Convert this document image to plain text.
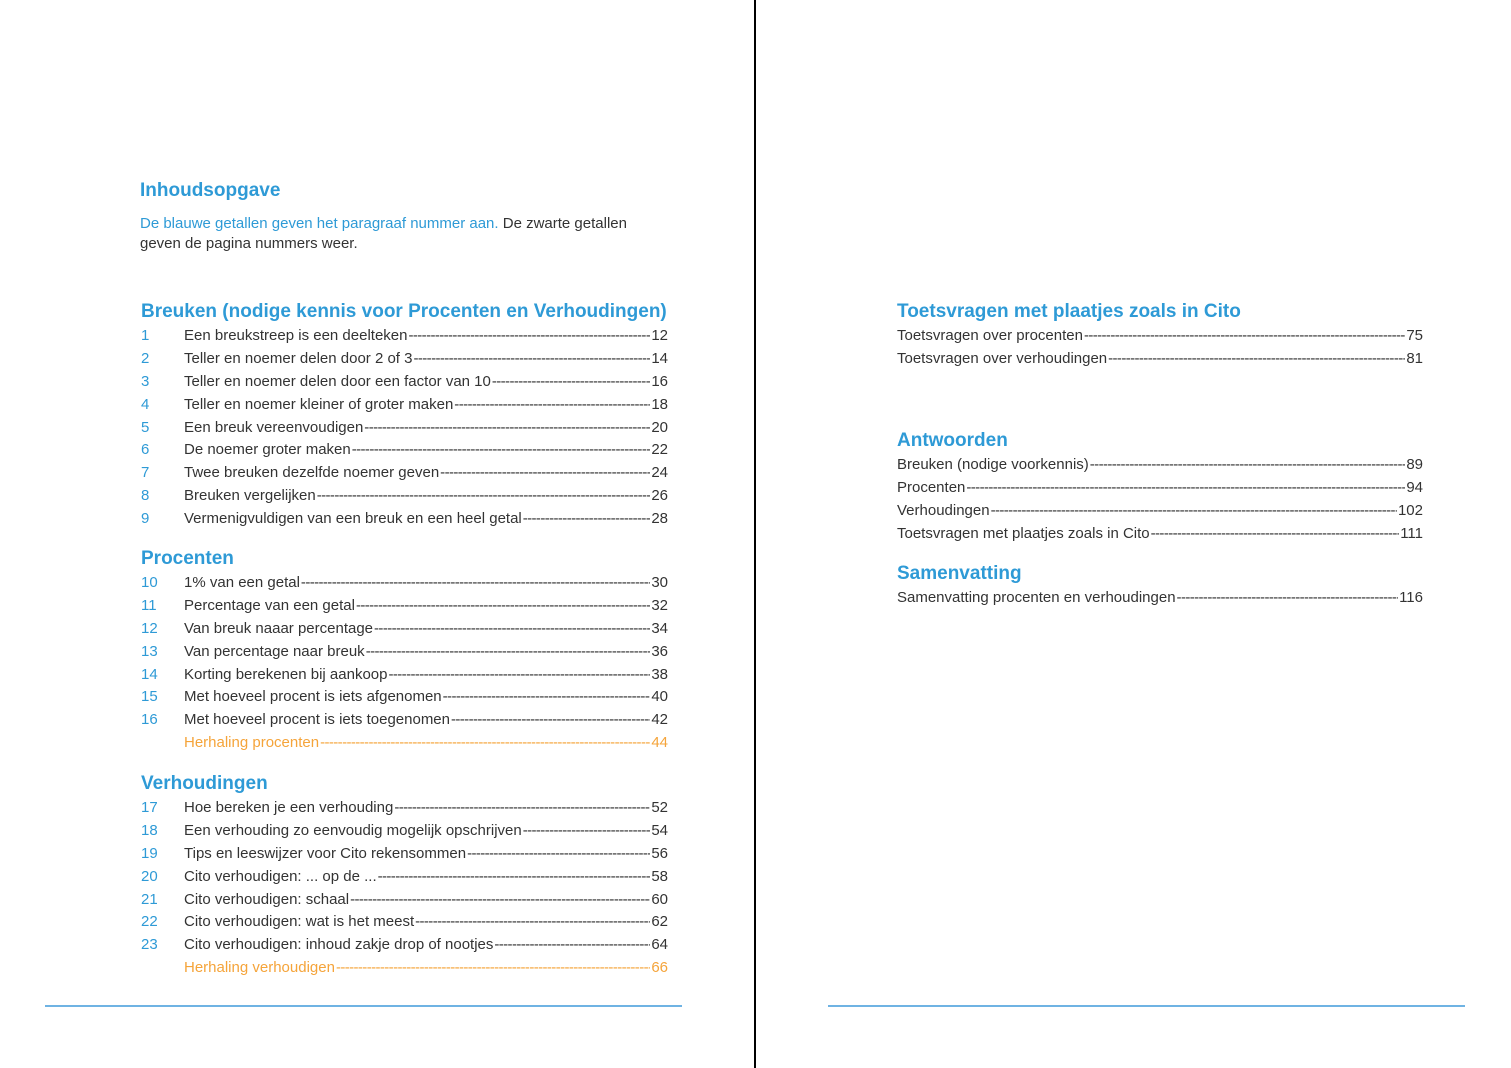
Inhoudsopgave

De blauwe getallen geven het paragraaf nummer aan. De zwarte getallen geven de pagina nummers weer.

Breuken (nodige kennis voor Procenten en Verhoudingen)
1	Een breukstreep is een deelteken -----	12
2	Teller en noemer delen door 2 of 3 -----	14
3	Teller en noemer delen door een factor van 10 -----	16
4	Teller en noemer kleiner of groter maken -----	18
5	Een breuk vereenvoudigen -----	20
6	De noemer groter maken -----	22
7	Twee breuken dezelfde noemer geven -----	24
8	Breuken vergelijken -----	26
9	Vermenigvuldigen van een breuk en een heel getal -----	28
Procenten
10	1% van een getal -----	30
11	Percentage van een getal -----	32
12	Van breuk naaar percentage -----	34
13	Van percentage naar breuk -----	36
14	Korting berekenen bij aankoop -----	38
15	Met hoeveel procent is iets afgenomen -----	40
16	Met hoeveel procent is iets toegenomen -----	42
Herhaling procenten -----	44
Verhoudingen
17	Hoe bereken je een verhouding -----	52
18	Een verhouding zo eenvoudig mogelijk opschrijven -----	54
19	Tips en leeswijzer voor Cito rekensommen -----	56
20	Cito verhoudigen: ... op de ... -----	58
21	Cito verhoudigen: schaal -----	60
22	Cito verhoudigen: wat is het meest -----	62
23	Cito verhoudigen: inhoud zakje drop of nootjes -----	64
Herhaling verhoudigen -----	66
Toetsvragen met plaatjes zoals in Cito
Toetsvragen over procenten -----	75
Toetsvragen over verhoudingen -----	81
Antwoorden
Breuken (nodige voorkennis) -----	89
Procenten -----	94
Verhoudingen -----	102
Toetsvragen met plaatjes zoals in Cito -----	111
Samenvatting
Samenvatting procenten en verhoudingen -----	116
